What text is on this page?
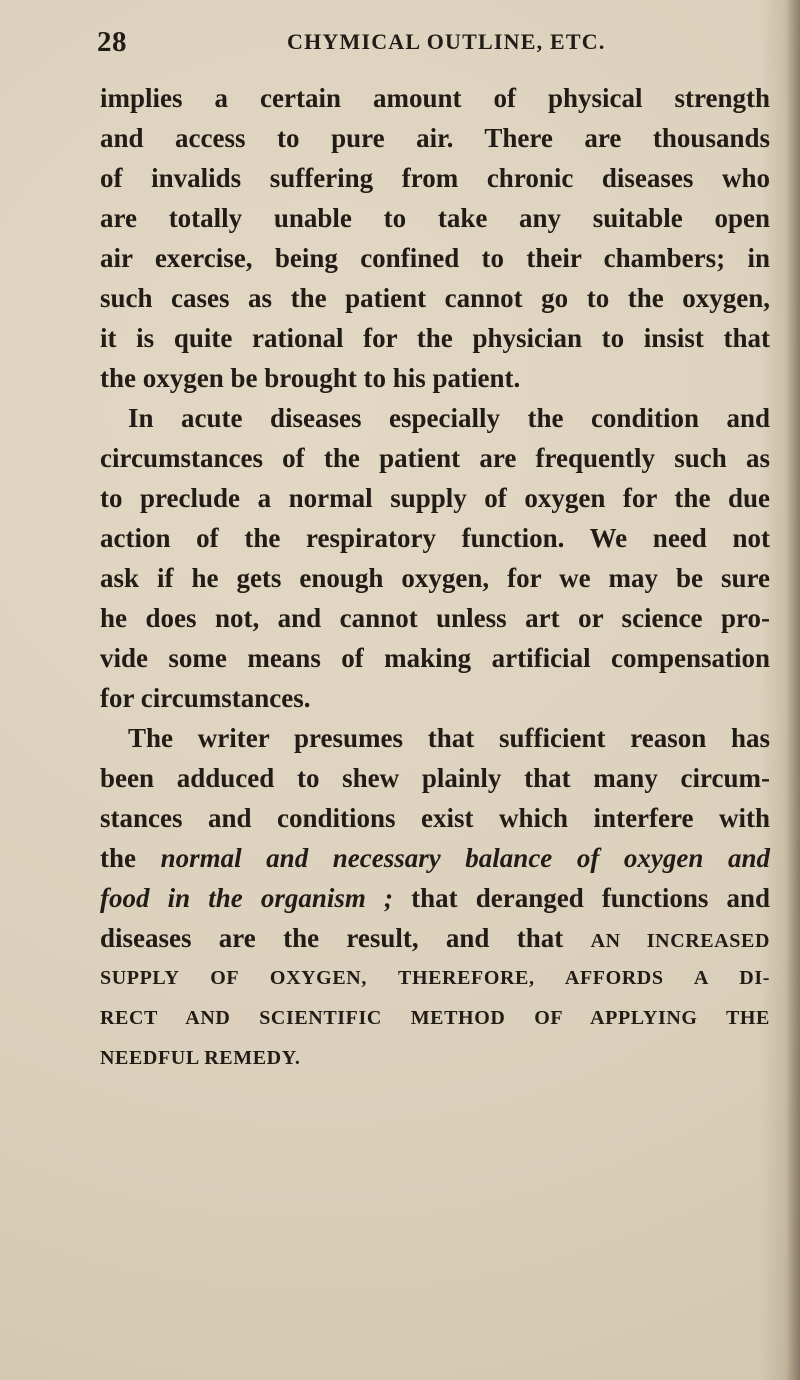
28	CHYMICAL OUTLINE, ETC.
implies a certain amount of physical strength
and access to pure air. There are thousands
of invalids suffering from chronic diseases who
are totally unable to take any suitable open
air exercise, being confined to their chambers; in
such cases as the patient cannot go to the oxygen,
it is quite rational for the physician to insist that
the oxygen be brought to his patient.
In acute diseases especially the condition and
circumstances of the patient are frequently such as
to preclude a normal supply of oxygen for the due
action of the respiratory function. We need not
ask if he gets enough oxygen, for we may be sure
he does not, and cannot unless art or science pro-
vide some means of making artificial compensation
for circumstances.
The writer presumes that sufficient reason has
been adduced to shew plainly that many circum-
stances and conditions exist which interfere with
the normal and necessary balance of oxygen and
food in the organism ; that deranged functions and
diseases are the result, and that AN INCREASED
SUPPLY OF OXYGEN, THEREFORE, AFFORDS A DI-
RECT AND SCIENTIFIC METHOD OF APPLYING THE
NEEDFUL REMEDY.
